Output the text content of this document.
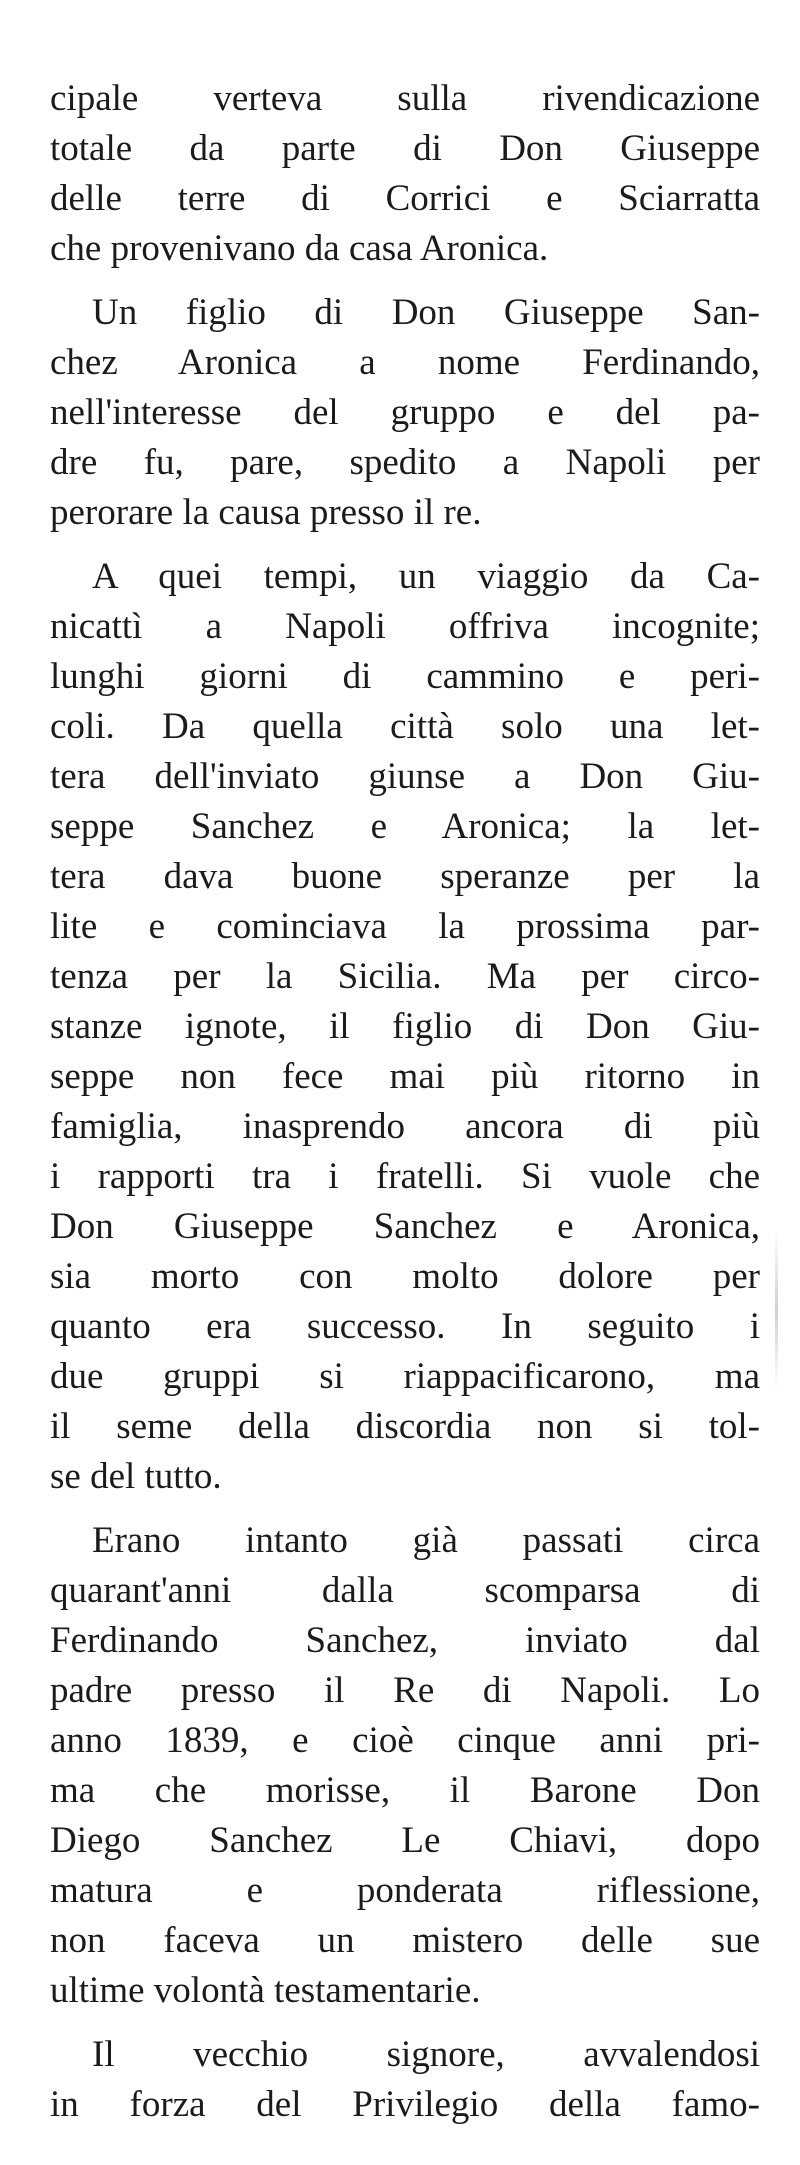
cipale verteva sulla rivendicazione
totale da parte di Don Giuseppe
delle terre di Corrici e Sciarratta
che provenivano da casa Aronica.
Un figlio di Don Giuseppe San-
chez Aronica a nome Ferdinando,
nell'interesse del gruppo e del pa-
dre fu, pare, spedito a Napoli per
perorare la causa presso il re.
A quei tempi, un viaggio da Ca-
nicattì a Napoli offriva incognite;
lunghi giorni di cammino e peri-
coli. Da quella città solo una let-
tera dell'inviato giunse a Don Giu-
seppe Sanchez e Aronica; la let-
tera dava buone speranze per la
lite e cominciava la prossima par-
tenza per la Sicilia. Ma per circo-
stanze ignote, il figlio di Don Giu-
seppe non fece mai più ritorno in
famiglia, inasprendo ancora di più
i rapporti tra i fratelli. Si vuole che
Don Giuseppe Sanchez e Aronica,
sia morto con molto dolore per
quanto era successo. In seguito i
due gruppi si riappacificarono, ma
il seme della discordia non si tol-
se del tutto.
Erano intanto già passati circa
quarant'anni dalla scomparsa di
Ferdinando Sanchez, inviato dal
padre presso il Re di Napoli. Lo
anno 1839, e cioè cinque anni pri-
ma che morisse, il Barone Don
Diego Sanchez Le Chiavi, dopo
matura e ponderata riflessione,
non faceva un mistero delle sue
ultime volontà testamentarie.
Il vecchio signore, avvalendosi
in forza del Privilegio della famo-
